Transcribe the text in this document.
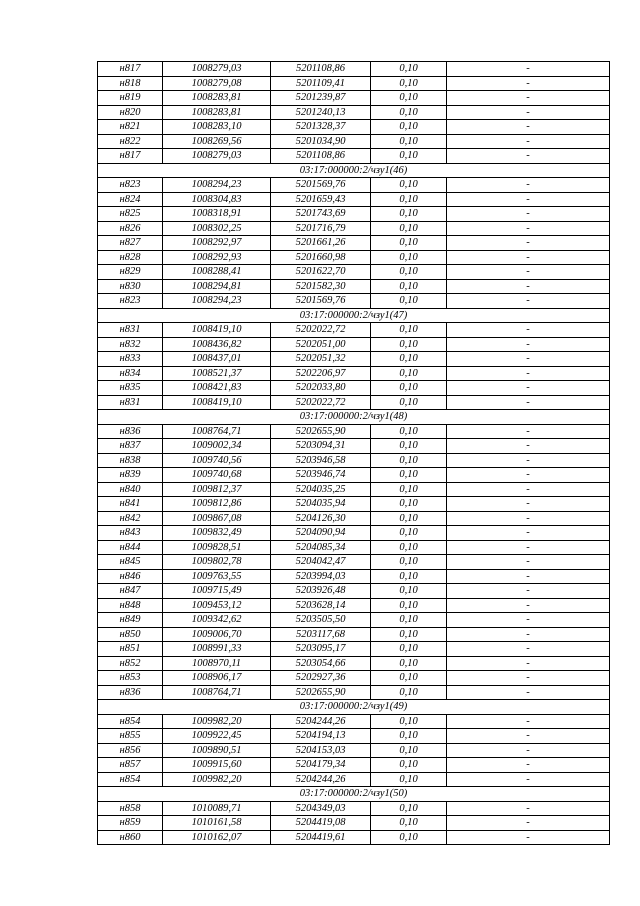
н817	1008279,03	5201108,86	0,10	-
н818	1008279,08	5201109,41	0,10	-
н819	1008283,81	5201239,87	0,10	-
н820	1008283,81	5201240,13	0,10	-
н821	1008283,10	5201328,37	0,10	-
н822	1008269,56	5201034,90	0,10	-
н817	1008279,03	5201108,86	0,10	-
03:17:000000:2/чзу1(46)				
н823	1008294,23	5201569,76	0,10	-
н824	1008304,83	5201659,43	0,10	-
н825	1008318,91	5201743,69	0,10	-
н826	1008302,25	5201716,79	0,10	-
н827	1008292,97	5201661,26	0,10	-
н828	1008292,93	5201660,98	0,10	-
н829	1008288,41	5201622,70	0,10	-
н830	1008294,81	5201582,30	0,10	-
н823	1008294,23	5201569,76	0,10	-
03:17:000000:2/чзу1(47)				
н831	1008419,10	5202022,72	0,10	-
н832	1008436,82	5202051,00	0,10	-
н833	1008437,01	5202051,32	0,10	-
н834	1008521,37	5202206,97	0,10	-
н835	1008421,83	5202033,80	0,10	-
н831	1008419,10	5202022,72	0,10	-
03:17:000000:2/чзу1(48)				
н836	1008764,71	5202655,90	0,10	-
н837	1009002,34	5203094,31	0,10	-
н838	1009740,56	5203946,58	0,10	-
н839	1009740,68	5203946,74	0,10	-
н840	1009812,37	5204035,25	0,10	-
н841	1009812,86	5204035,94	0,10	-
н842	1009867,08	5204126,30	0,10	-
н843	1009832,49	5204090,94	0,10	-
н844	1009828,51	5204085,34	0,10	-
н845	1009802,78	5204042,47	0,10	-
н846	1009763,55	5203994,03	0,10	-
н847	1009715,49	5203926,48	0,10	-
н848	1009453,12	5203628,14	0,10	-
н849	1009342,62	5203505,50	0,10	-
н850	1009006,70	5203117,68	0,10	-
н851	1008991,33	5203095,17	0,10	-
н852	1008970,11	5203054,66	0,10	-
н853	1008906,17	5202927,36	0,10	-
н836	1008764,71	5202655,90	0,10	-
03:17:000000:2/чзу1(49)				
н854	1009982,20	5204244,26	0,10	-
н855	1009922,45	5204194,13	0,10	-
н856	1009890,51	5204153,03	0,10	-
н857	1009915,60	5204179,34	0,10	-
н854	1009982,20	5204244,26	0,10	-
03:17:000000:2/чзу1(50)				
н858	1010089,71	5204349,03	0,10	-
н859	1010161,58	5204419,08	0,10	-
н860	1010162,07	5204419,61	0,10	-
